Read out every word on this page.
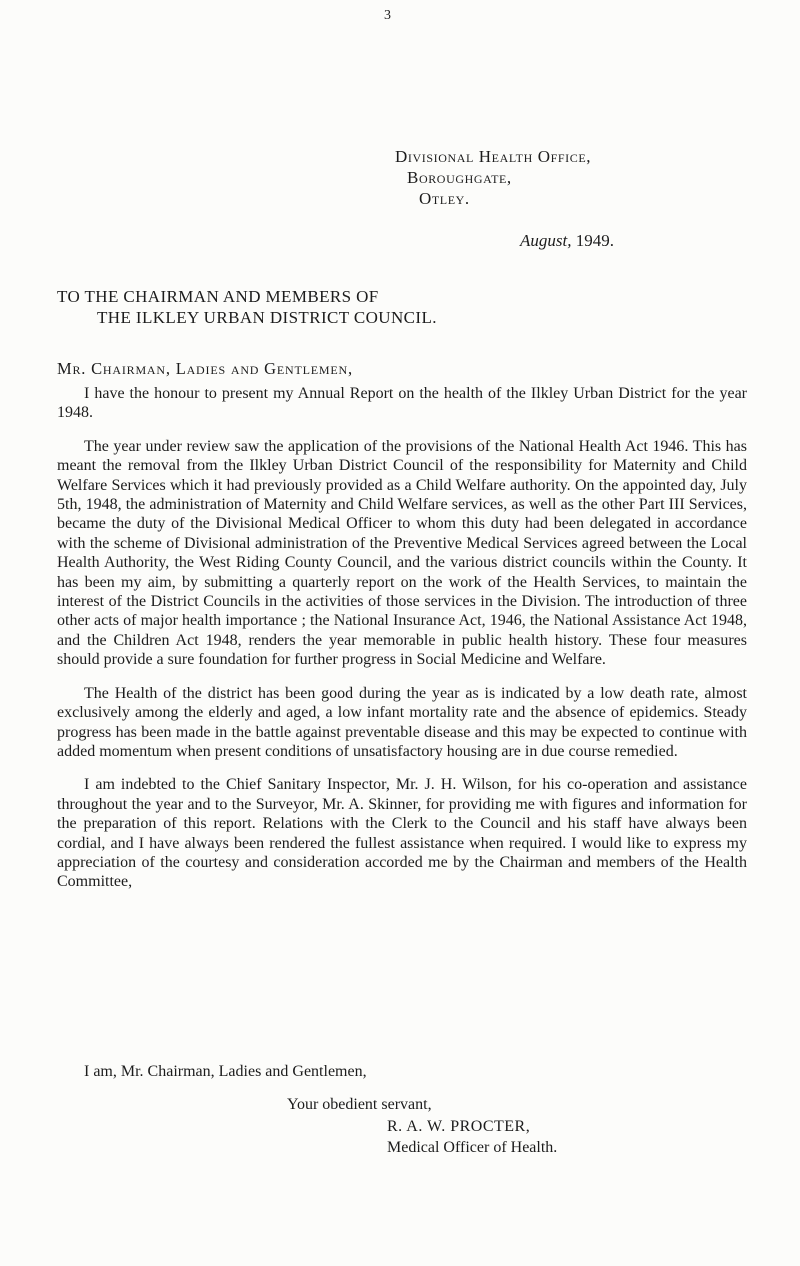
3
Divisional Health Office,
Boroughgate,
Otley.
August, 1949.
TO THE CHAIRMAN AND MEMBERS OF
THE ILKLEY URBAN DISTRICT COUNCIL.
Mr. Chairman, Ladies and Gentlemen,

I have the honour to present my Annual Report on the health of the Ilkley Urban District for the year 1948.

The year under review saw the application of the provisions of the National Health Act 1946. This has meant the removal from the Ilkley Urban District Council of the responsibility for Maternity and Child Welfare Services which it had previously provided as a Child Welfare authority. On the appointed day, July 5th, 1948, the administration of Maternity and Child Welfare services, as well as the other Part III Services, became the duty of the Divisional Medical Officer to whom this duty had been delegated in accordance with the scheme of Divisional administration of the Preventive Medical Services agreed between the Local Health Authority, the West Riding County Council, and the various district councils within the County. It has been my aim, by submitting a quarterly report on the work of the Health Services, to maintain the interest of the District Councils in the activities of those services in the Division. The introduction of three other acts of major health importance ; the National Insurance Act, 1946, the National Assistance Act 1948, and the Children Act 1948, renders the year memorable in public health history. These four measures should provide a sure foundation for further progress in Social Medicine and Welfare.

The Health of the district has been good during the year as is indicated by a low death rate, almost exclusively among the elderly and aged, a low infant mortality rate and the absence of epidemics. Steady progress has been made in the battle against preventable disease and this may be expected to continue with added momentum when present conditions of unsatisfactory housing are in due course remedied.

I am indebted to the Chief Sanitary Inspector, Mr. J. H. Wilson, for his co-operation and assistance throughout the year and to the Surveyor, Mr. A. Skinner, for providing me with figures and information for the preparation of this report. Relations with the Clerk to the Council and his staff have always been cordial, and I have always been rendered the fullest assistance when required. I would like to express my appreciation of the courtesy and consideration accorded me by the Chairman and members of the Health Committee,

I am, Mr. Chairman, Ladies and Gentlemen,
Your obedient servant,
R. A. W. PROCTER,
Medical Officer of Health.
